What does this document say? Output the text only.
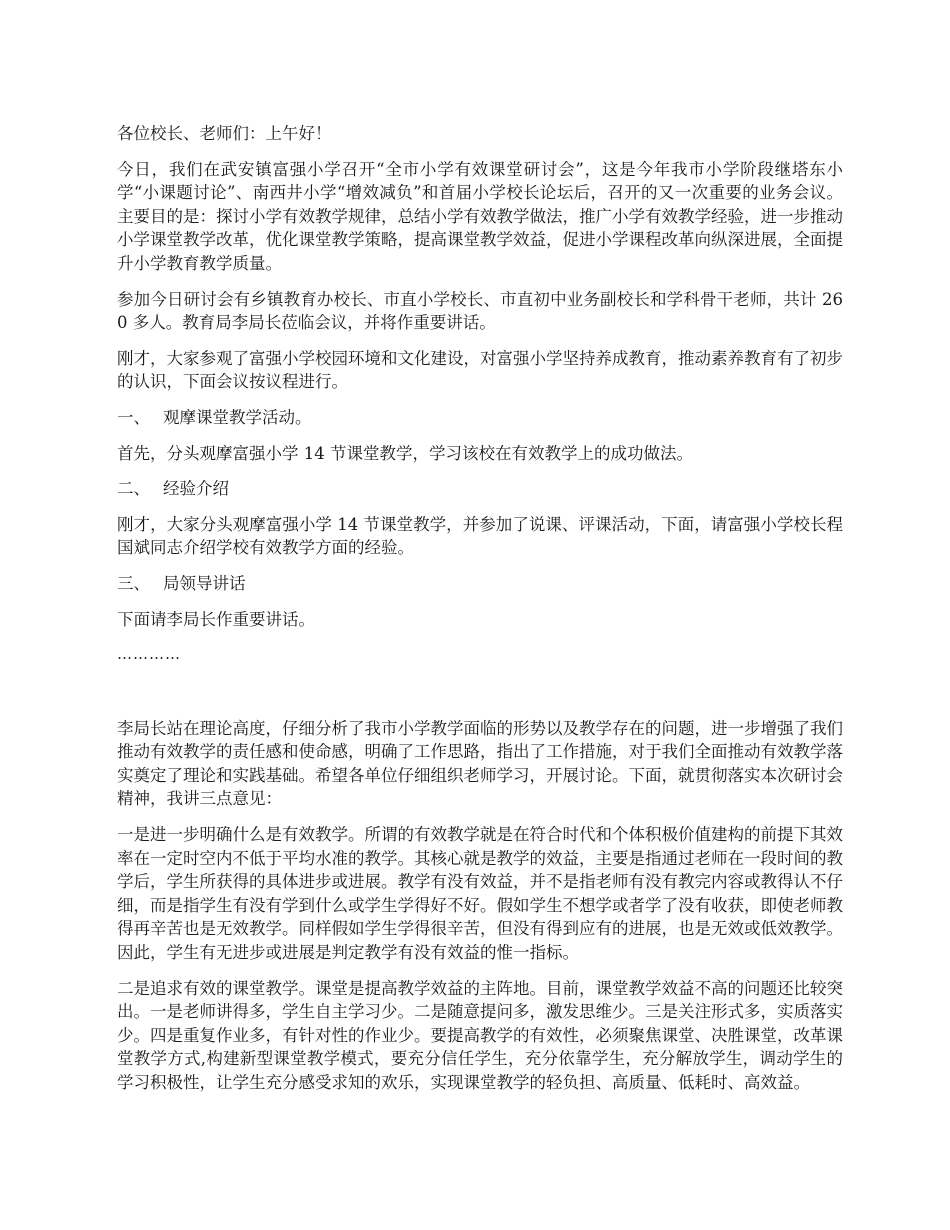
各位校长、老师们：上午好！

今日，我们在武安镇富强小学召开“全市小学有效课堂研讨会”，这是今年我市小学阶段继塔东小学“小课题讨论”、南西井小学“增效减负”和首届小学校长论坛后，召开的又一次重要的业务会议。主要目的是：探讨小学有效教学规律，总结小学有效教学做法，推广小学有效教学经验，进一步推动小学课堂教学改革，优化课堂教学策略，提高课堂教学效益，促进小学课程改革向纵深进展，全面提升小学教育教学质量。

参加今日研讨会有乡镇教育办校长、市直小学校长、市直初中业务副校长和学科骨干老师，共计 260 多人。教育局李局长莅临会议，并将作重要讲话。

刚才，大家参观了富强小学校园环境和文化建设，对富强小学坚持养成教育，推动素养教育有了初步的认识，下面会议按议程进行。

一、 观摩课堂教学活动。

首先，分头观摩富强小学 14 节课堂教学，学习该校在有效教学上的成功做法。

二、 经验介绍

刚才，大家分头观摩富强小学 14 节课堂教学，并参加了说课、评课活动，下面，请富强小学校长程国斌同志介绍学校有效教学方面的经验。

三、 局领导讲话

下面请李局长作重要讲话。

…………

李局长站在理论高度，仔细分析了我市小学教学面临的形势以及教学存在的问题，进一步增强了我们推动有效教学的责任感和使命感，明确了工作思路，指出了工作措施，对于我们全面推动有效教学落实奠定了理论和实践基础。希望各单位仔细组织老师学习，开展讨论。下面，就贯彻落实本次研讨会精神，我讲三点意见：

一是进一步明确什么是有效教学。所谓的有效教学就是在符合时代和个体积极价值建构的前提下其效率在一定时空内不低于平均水准的教学。其核心就是教学的效益，主要是指通过老师在一段时间的教学后，学生所获得的具体进步或进展。教学有没有效益，并不是指老师有没有教完内容或教得认不仔细，而是指学生有没有学到什么或学生学得好不好。假如学生不想学或者学了没有收获，即使老师教得再辛苦也是无效教学。同样假如学生学得很辛苦，但没有得到应有的进展，也是无效或低效教学。因此，学生有无进步或进展是判定教学有没有效益的惟一指标。

二是追求有效的课堂教学。课堂是提高教学效益的主阵地。目前，课堂教学效益不高的问题还比较突出。一是老师讲得多，学生自主学习少。二是随意提问多，激发思维少。三是关注形式多，实质落实少。四是重复作业多，有针对性的作业少。要提高教学的有效性，必须聚焦课堂、决胜课堂，改革课堂教学方式,构建新型课堂教学模式，要充分信任学生，充分依靠学生，充分解放学生，调动学生的学习积极性，让学生充分感受求知的欢乐，实现课堂教学的轻负担、高质量、低耗时、高效益。
